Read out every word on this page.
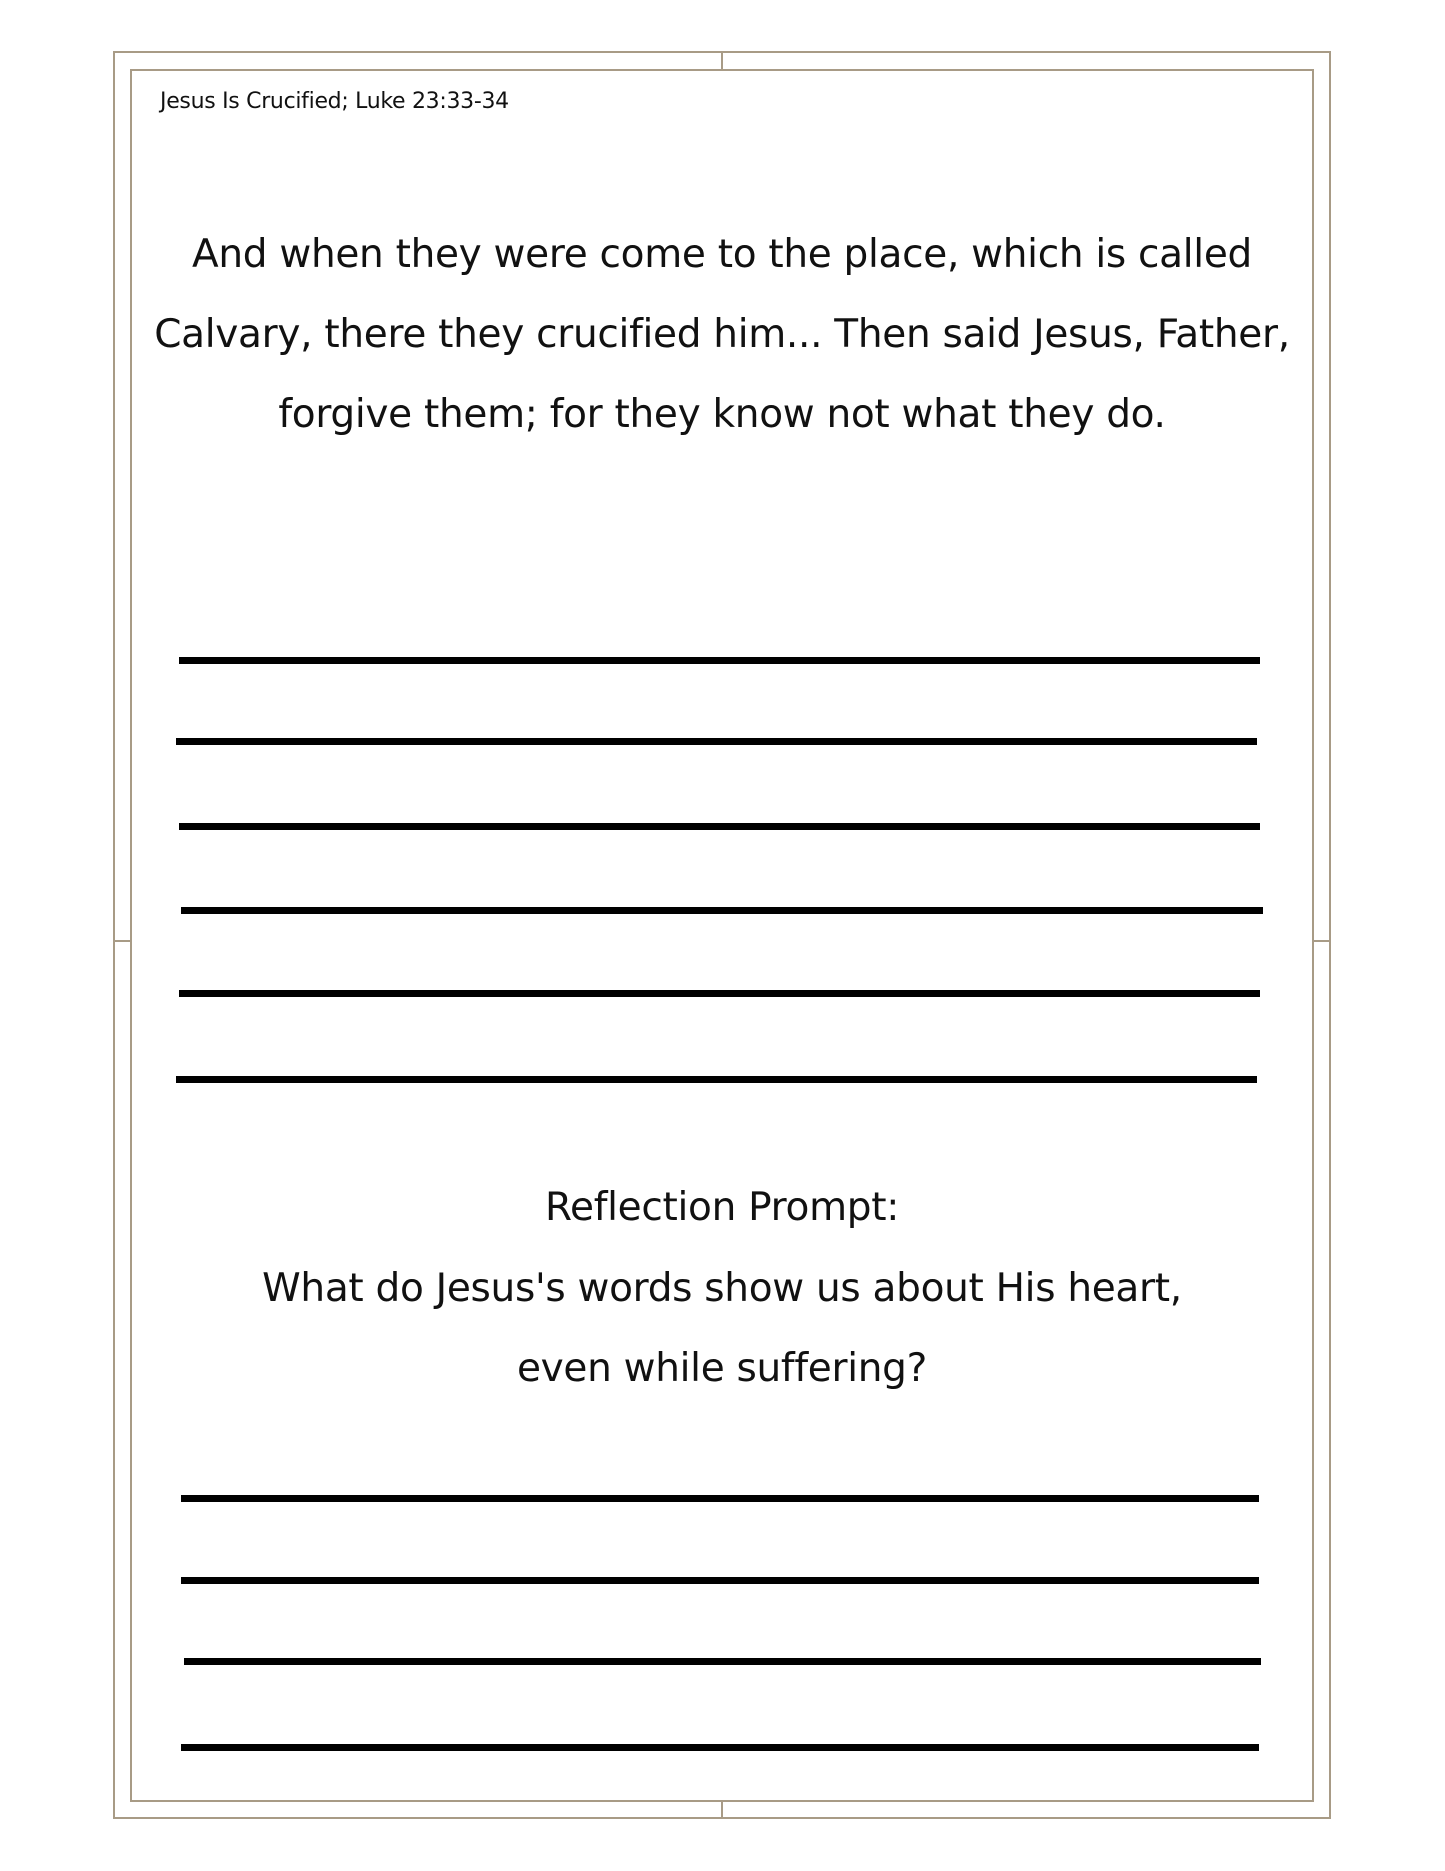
Jesus Is Crucified; Luke 23:33-34
And when they were come to the place, which is called
Calvary, there they crucified him... Then said Jesus, Father,
forgive them; for they know not what they do.
Reflection Prompt:
What do Jesus's words show us about His heart,
even while suffering?
